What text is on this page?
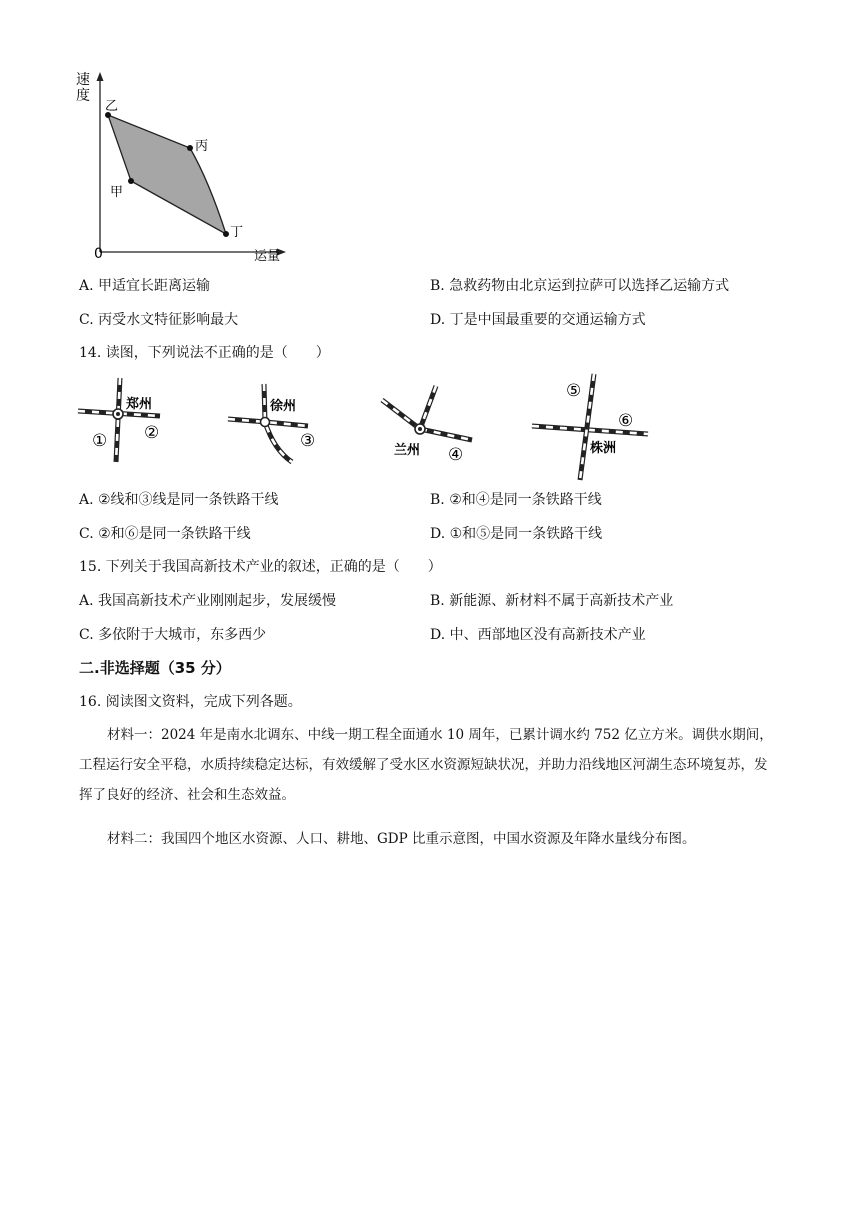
速
度
乙
丙
甲
丁
0	运量
A. 甲适宜长距离运输	B. 急救药物由北京运到拉萨可以选择乙运输方式
C. 丙受水文特征影响最大	D. 丁是中国最重要的交通运输方式
14. 读图，下列说法不正确的是（　　）
郑州
① ②
徐州
③	兰州 ④
⑤
⑥
株洲
A. ②线和③线是同一条铁路干线	B. ②和④是同一条铁路干线
C. ②和⑥是同一条铁路干线	D. ①和⑤是同一条铁路干线
15. 下列关于我国高新技术产业的叙述，正确的是（　　）
A. 我国高新技术产业刚刚起步，发展缓慢	B. 新能源、新材料不属于高新技术产业
C. 多依附于大城市，东多西少	D. 中、西部地区没有高新技术产业
二.非选择题（35 分）
16. 阅读图文资料，完成下列各题。
材料一：2024 年是南水北调东、中线一期工程全面通水 10 周年，已累计调水约 752 亿立方米。调供水期间，工程运行安全平稳，水质持续稳定达标，有效缓解了受水区水资源短缺状况，并助力沿线地区河湖生态环境复苏，发挥了良好的经济、社会和生态效益。
材料二：我国四个地区水资源、人口、耕地、GDP 比重示意图，中国水资源及年降水量线分布图。
